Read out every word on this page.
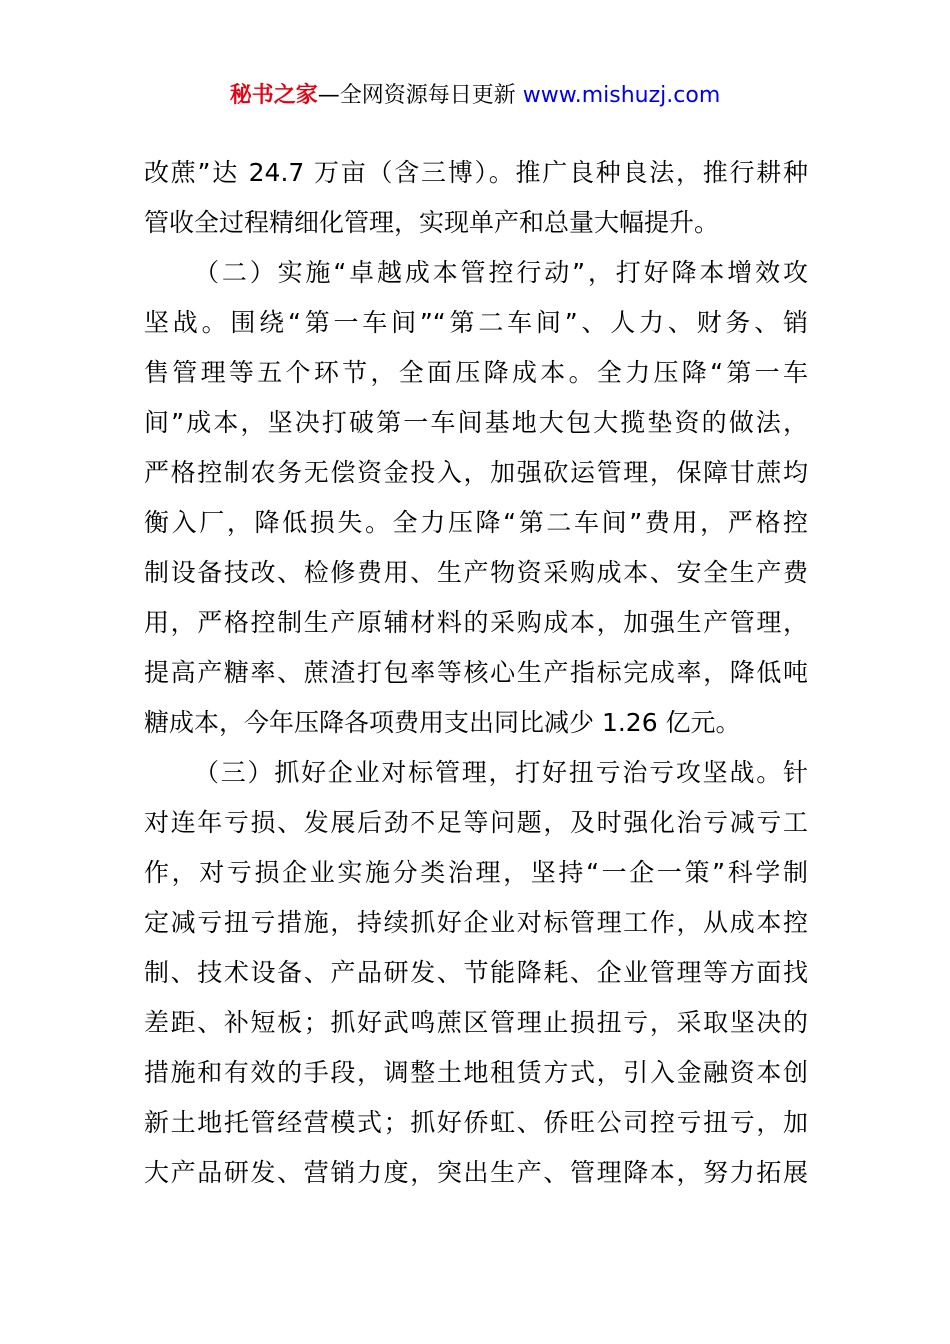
秘书之家—全网资源每日更新 www.mishuzj.com
改蔗”达 24.7 万亩（含三博）。推广良种良法，推行耕种
管收全过程精细化管理，实现单产和总量大幅提升。
（二）实施“卓越成本管控行动”，打好降本增效攻
坚战。围绕“第一车间”“第二车间”、人力、财务、销
售管理等五个环节，全面压降成本。全力压降“第一车
间”成本，坚决打破第一车间基地大包大揽垫资的做法，
严格控制农务无偿资金投入，加强砍运管理，保障甘蔗均
衡入厂，降低损失。全力压降“第二车间”费用，严格控
制设备技改、检修费用、生产物资采购成本、安全生产费
用，严格控制生产原辅材料的采购成本，加强生产管理，
提高产糖率、蔗渣打包率等核心生产指标完成率，降低吨
糖成本，今年压降各项费用支出同比减少 1.26 亿元。
（三）抓好企业对标管理，打好扭亏治亏攻坚战。针
对连年亏损、发展后劲不足等问题，及时强化治亏减亏工
作，对亏损企业实施分类治理，坚持“一企一策”科学制
定减亏扭亏措施，持续抓好企业对标管理工作，从成本控
制、技术设备、产品研发、节能降耗、企业管理等方面找
差距、补短板；抓好武鸣蔗区管理止损扭亏，采取坚决的
措施和有效的手段，调整土地租赁方式，引入金融资本创
新土地托管经营模式；抓好侨虹、侨旺公司控亏扭亏，加
大产品研发、营销力度，突出生产、管理降本，努力拓展
